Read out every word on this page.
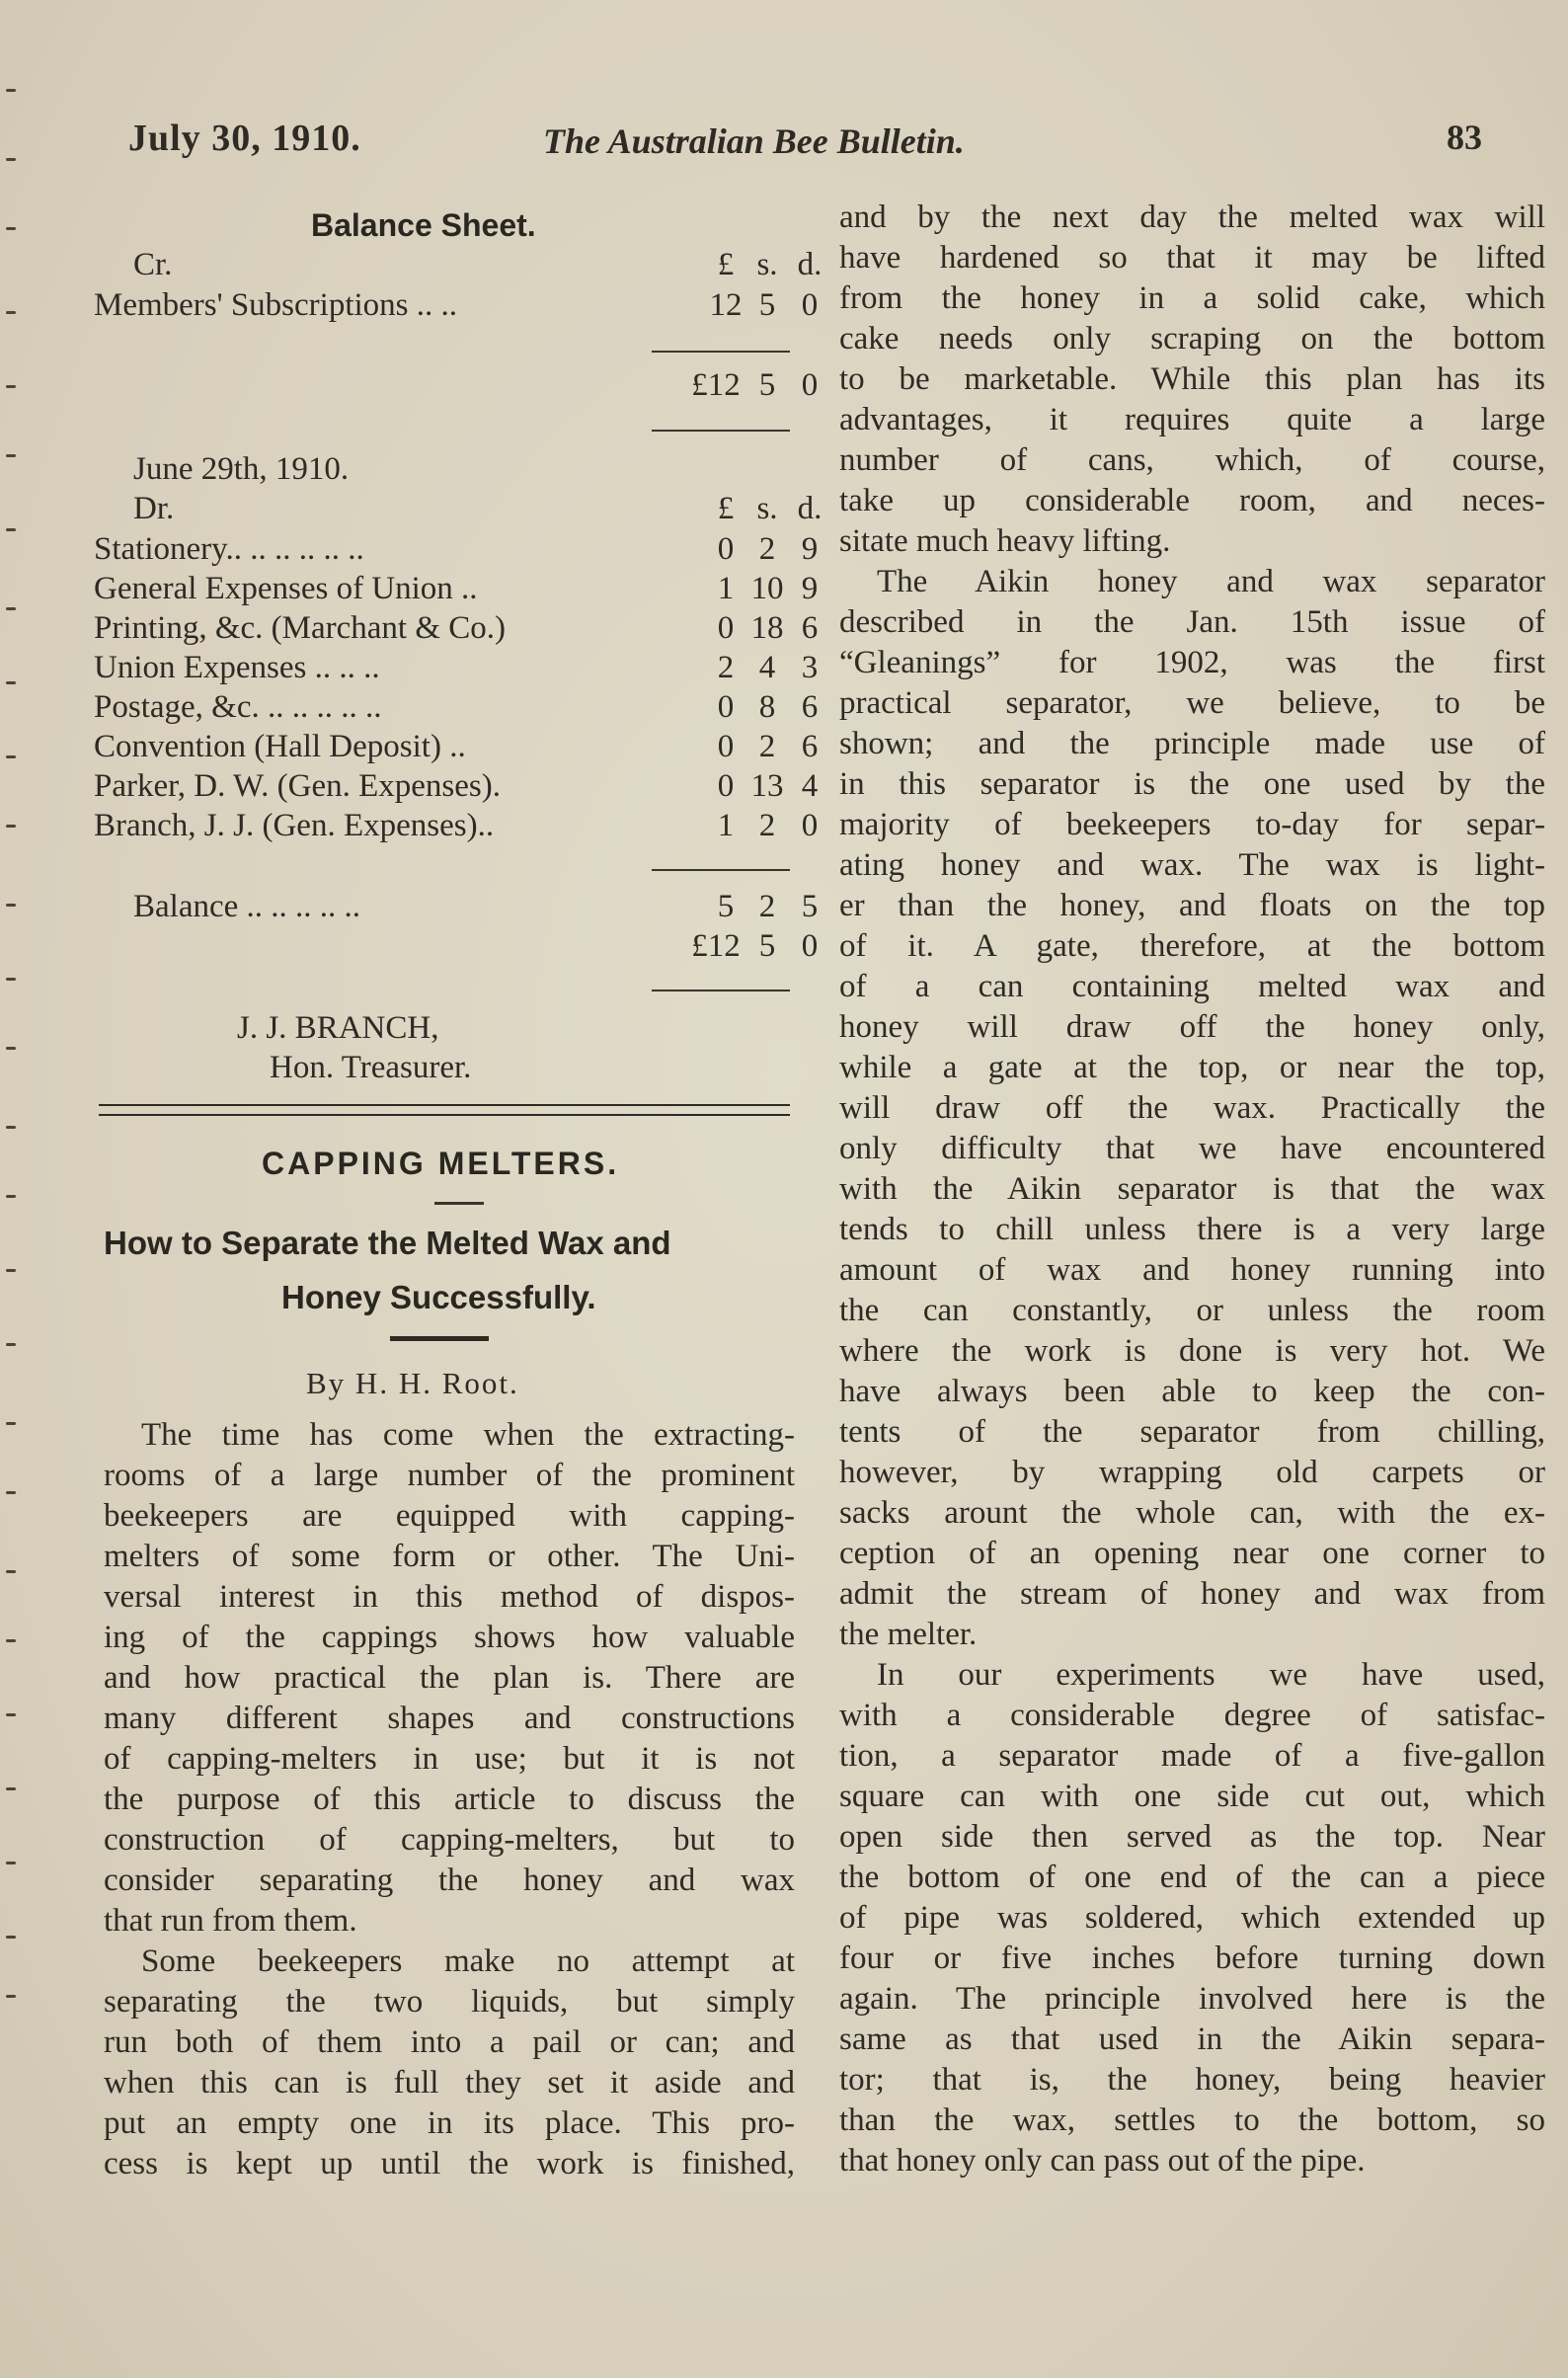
July 30, 1910.	The Australian Bee Bulletin.	83
Balance Sheet.
Cr.	£ s. d.
Members' Subscriptions .. ..	12 5 0
£12 5 0
June 29th, 1910.
Dr.	£ s. d.
Stationery.. .. .. .. .. ..	0 2 9
General Expenses of Union ..	1 10 9
Printing, &c. (Marchant & Co.)	0 18 6
Union Expenses .. .. ..	2 4 3
Postage, &c. .. .. .. .. ..	0 8 6
Convention (Hall Deposit) ..	0 2 6
Parker, D. W. (Gen. Expenses).	0 13 4
Branch, J. J. (Gen. Expenses)..	1 2 0
Balance .. .. .. .. ..	5 2 5
£12 5 0
J. J. BRANCH,
Hon. Treasurer.
CAPPING MELTERS.
How to Separate the Melted Wax and
Honey Successfully.
By H. H. Root.

The time has come when the extracting-
rooms of a large number of the prominent
beekeepers are equipped with capping-
melters of some form or other. The Uni-
versal interest in this method of dispos-
ing of the cappings shows how valuable
and how practical the plan is. There are
many different shapes and constructions
of capping-melters in use; but it is not
the purpose of this article to discuss the
construction of capping-melters, but to
consider separating the honey and wax
that run from them.

Some beekeepers make no attempt at
separating the two liquids, but simply
run both of them into a pail or can; and
when this can is full they set it aside and
put an empty one in its place. This pro-
cess is kept up until the work is finished,

and by the next day the melted wax will
have hardened so that it may be lifted
from the honey in a solid cake, which
cake needs only scraping on the bottom
to be marketable. While this plan has its
advantages, it requires quite a large
number of cans, which, of course,
take up considerable room, and neces-
sitate much heavy lifting.

The Aikin honey and wax separator
described in the Jan. 15th issue of
“Gleanings” for 1902, was the first
practical separator, we believe, to be
shown; and the principle made use of
in this separator is the one used by the
majority of beekeepers to-day for separ-
ating honey and wax. The wax is light-
er than the honey, and floats on the top
of it. A gate, therefore, at the bottom
of a can containing melted wax and
honey will draw off the honey only,
while a gate at the top, or near the top,
will draw off the wax. Practically the
only difficulty that we have encountered
with the Aikin separator is that the wax
tends to chill unless there is a very large
amount of wax and honey running into
the can constantly, or unless the room
where the work is done is very hot. We
have always been able to keep the con-
tents of the separator from chilling,
however, by wrapping old carpets or
sacks arount the whole can, with the ex-
ception of an opening near one corner to
admit the stream of honey and wax from
the melter.

In our experiments we have used,
with a considerable degree of satisfac-
tion, a separator made of a five-gallon
square can with one side cut out, which
open side then served as the top. Near
the bottom of one end of the can a piece
of pipe was soldered, which extended up
four or five inches before turning down
again. The principle involved here is the
same as that used in the Aikin separa-
tor; that is, the honey, being heavier
than the wax, settles to the bottom, so
that honey only can pass out of the pipe.
